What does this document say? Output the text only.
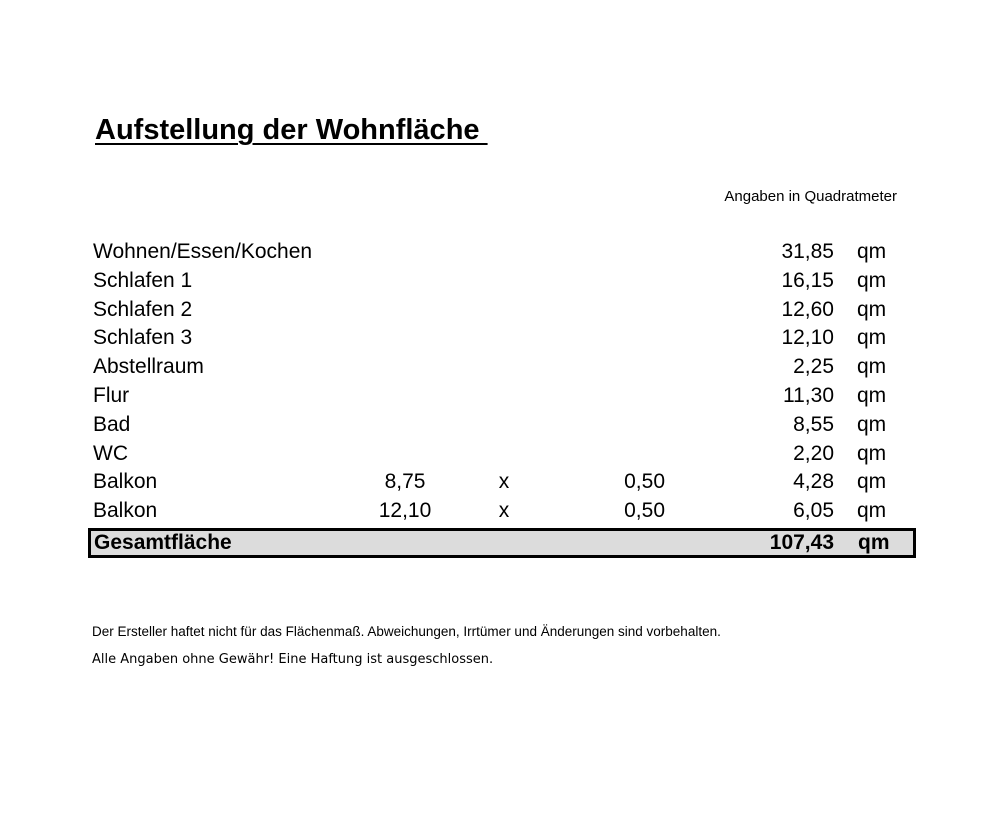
Aufstellung der Wohnfläche
Angaben in Quadratmeter
Wohnen/Essen/Kochen	31,85 qm
Schlafen 1	16,15 qm
Schlafen 2	12,60 qm
Schlafen 3	12,10 qm
Abstellraum	2,25 qm
Flur	11,30 qm
Bad	8,55 qm
WC	2,20 qm
Balkon	8,75	x	0,50	4,28 qm
Balkon	12,10	x	0,50	6,05 qm
Gesamtfläche	107,43 qm
Der Ersteller haftet nicht für das Flächenmaß. Abweichungen, Irrtümer und Änderungen sind vorbehalten.
Alle Angaben ohne Gewähr! Eine Haftung ist ausgeschlossen.
